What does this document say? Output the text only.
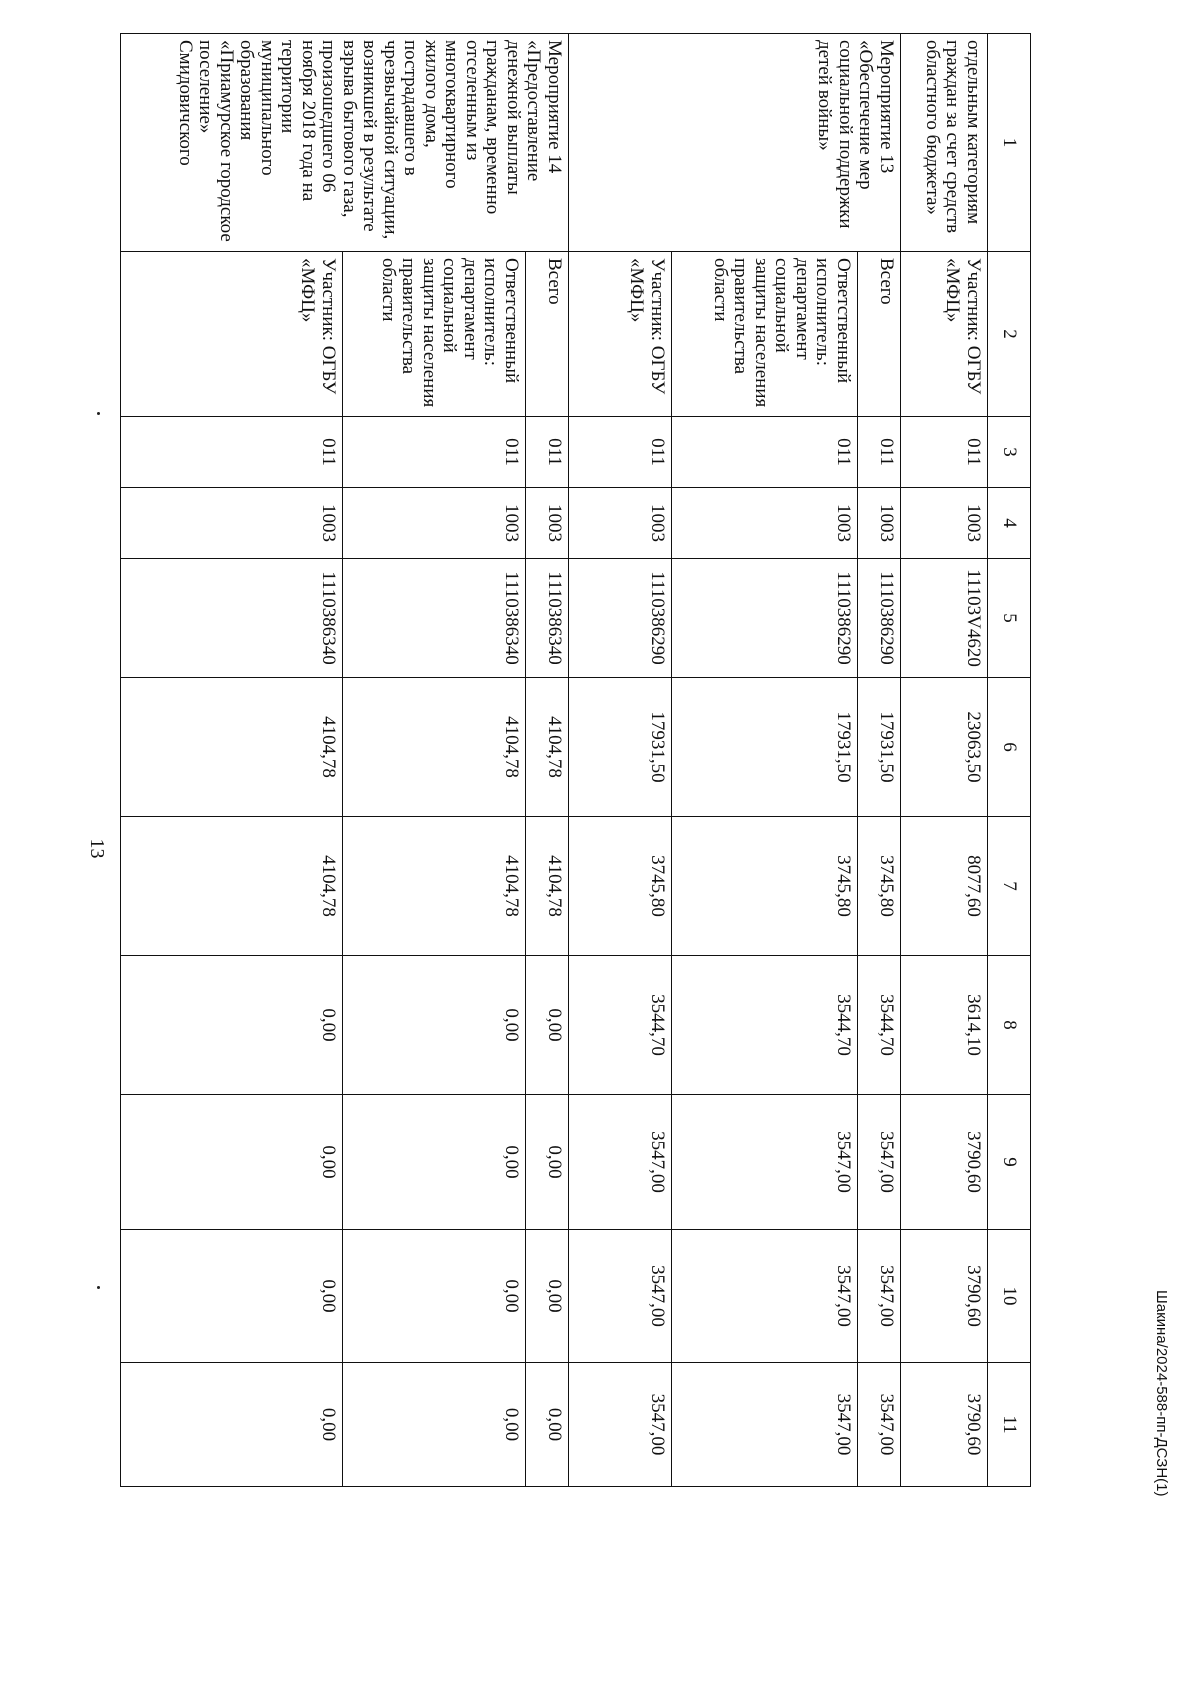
13
Шакина/2024-588-пп-ДСЗН(1)
1	2	3	4	5	6	7	8	9	10	11
отдельным категориям граждан за счет средств областного бюджета»	Участник: ОГБУ «МФЦ»	011	1003	11103V4620	23063,50	8077,60	3614,10	3790,60	3790,60	3790,60
Мероприятие 13 «Обеспечение мер социальной поддержки детей войны»	Всего	011	1003	1110386290	17931,50	3745,80	3544,70	3547,00	3547,00	3547,00
	Ответственный исполнитель: департамент социальной защиты населения правительства области	011	1003	1110386290	17931,50	3745,80	3544,70	3547,00	3547,00	3547,00
	Участник: ОГБУ «МФЦ»	011	1003	1110386290	17931,50	3745,80	3544,70	3547,00	3547,00	3547,00
Мероприятие 14 «Предоставление денежной выплаты гражданам, временно отселенным из многоквартирного жилого дома, пострадавшего в чрезвычайной ситуации, возникшей в результате взрыва бытового газа, произошедшего 06 ноября 2018 года на территории муниципального образования «Приамурское городское поселение» Смидовичского	Всего	011	1003	1110386340	4104,78	4104,78	0,00	0,00	0,00	0,00
	Ответственный исполнитель: департамент социальной защиты населения правительства области	011	1003	1110386340	4104,78	4104,78	0,00	0,00	0,00	0,00
	Участник: ОГБУ «МФЦ»	011	1003	1110386340	4104,78	4104,78	0,00	0,00	0,00	0,00
